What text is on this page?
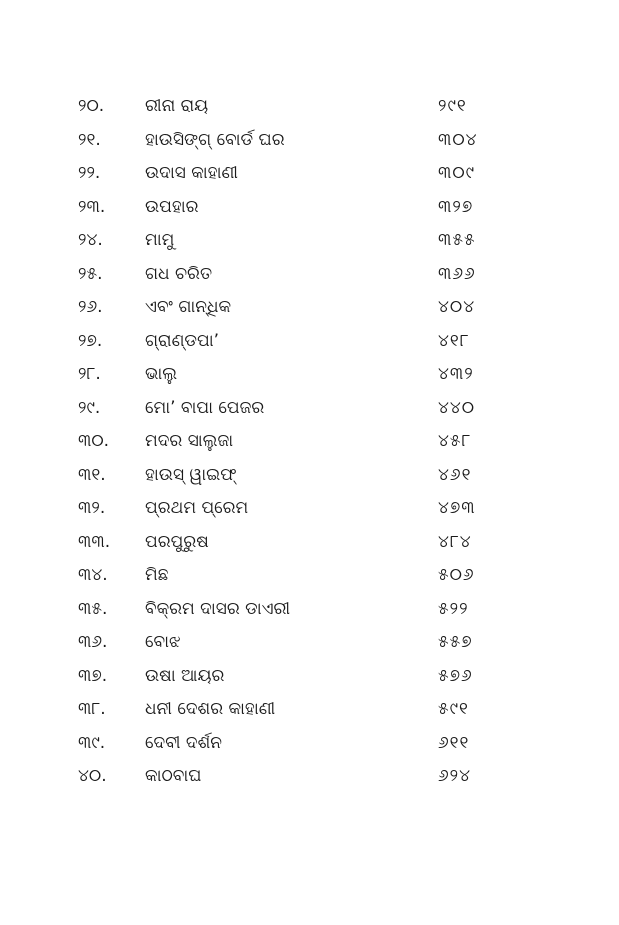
୨୦. ରୀନା ରାୟ	୨୯୧
୨୧.	ହାଉସିଙ୍ଗ୍ ବୋର୍ଡ ଘର	୩୦୪
୨୨.	ଉଦାସ କାହାଣୀ	୩୦୯
୨୩. ଉପହାର	୩୨୭
୨୪. ମାମୁ	୩୫୫
୨୫.	ଗଧ ଚରିତ	୩୬୬
୨୬. ଏବଂ ଗାନ୍ଧିକ	୪୦୪
୨୭.	ଗ୍ରାଣ୍ଡପା’	୪୧୮
୨୮.	ଭାଲୁ	୪୩୨
୨୯.	ମୋ’ ବାପା ପେଜର	୪୪୦
୩୦. ମଦର ସାଲୁଜା	୪୫୮
୩୧. ହାଉସ୍ ୱାଇଫ୍	୪୬୧
୩୨. ପ୍ରଥମ ପ୍ରେମ	୪୭୩
୩୩. ପରପୁରୁଷ	୪୮୪
୩୪. ମିଛ	୫୦୬
୩୫. ବିକ୍ରମ ଦାସର ଡାଏରୀ	୫୨୨
୩୬. ବୋଝ	୫୫୭
୩୭. ଉଷା ଆୟର	୫୭୬
୩୮. ଧନୀ ଦେଶର କାହାଣୀ	୫୯୧
୩୯. ଦେବୀ ଦର୍ଶନ	୬୧୧
୪୦. କାଠବାଘ	୬୨୪
